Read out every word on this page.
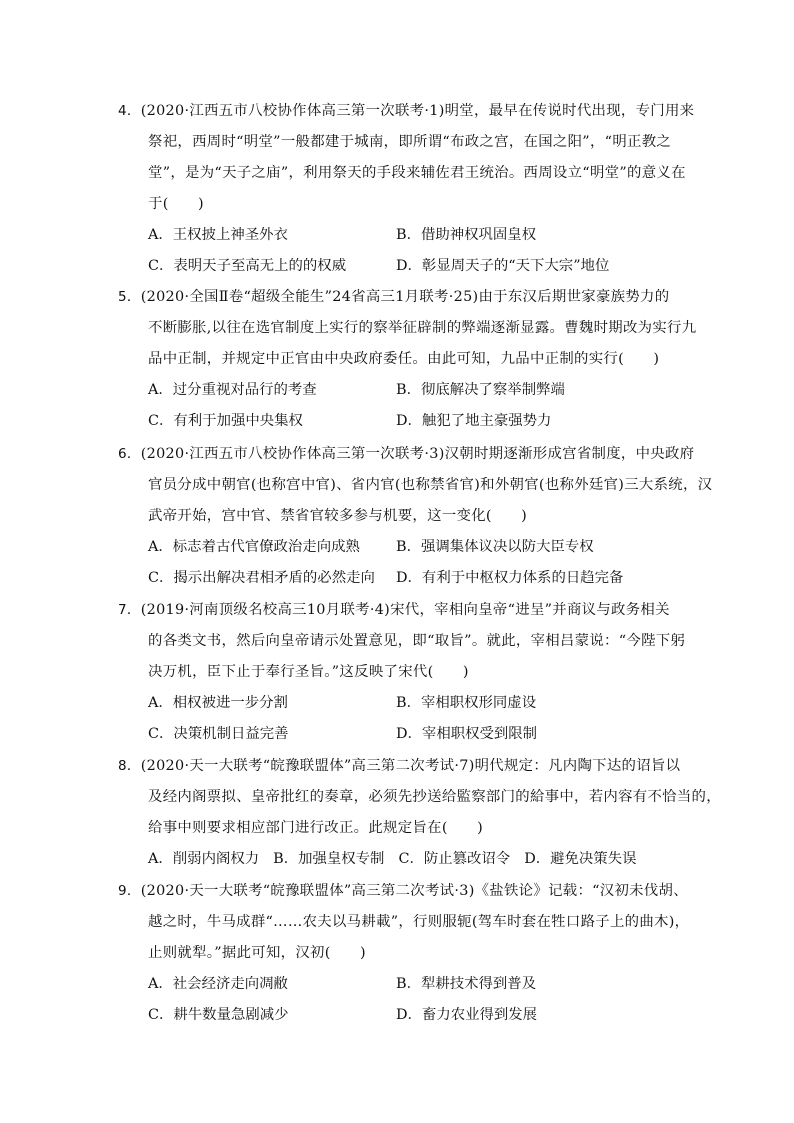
4．(2020·江西五市八校协作体高三第一次联考·1)明堂，最早在传说时代出现，专门用来
祭祀，西周时“明堂”一般都建于城南，即所谓“布政之宫，在国之阳”，“明正教之
堂”，是为“天子之庙”，利用祭天的手段来辅佐君王统治。西周设立“明堂”的意义在
于(　　)
A．王权披上神圣外衣	B．借助神权巩固皇权
C．表明天子至高无上的的权威	D．彰显周天子的“天下大宗”地位
5．(2020·全国Ⅱ卷“超级全能生”24省高三1月联考·25)由于东汉后期世家豪族势力的
不断膨胀,以往在选官制度上实行的察举征辟制的弊端逐渐显露。曹魏时期改为实行九
品中正制，并规定中正官由中央政府委任。由此可知，九品中正制的实行(　　)
A．过分重视对品行的考查	B．彻底解决了察举制弊端
C．有利于加强中央集权	D．触犯了地主豪强势力
6．(2020·江西五市八校协作体高三第一次联考·3)汉朝时期逐渐形成宫省制度，中央政府
官员分成中朝官(也称宫中官)、省内官(也称禁省官)和外朝官(也称外廷官)三大系统，汉
武帝开始，宫中官、禁省官较多参与机要，这一变化(　　)
A．标志着古代官僚政治走向成熟	B．强调集体议决以防大臣专权
C．揭示出解决君相矛盾的必然走向	D．有利于中枢权力体系的日趋完备
7．(2019·河南顶级名校高三10月联考·4)宋代，宰相向皇帝“进呈”并商议与政务相关
的各类文书，然后向皇帝请示处置意见，即“取旨”。就此，宰相吕蒙说：“今陛下躬
决万机，臣下止于奉行圣旨。”这反映了宋代(　　)
A．相权被进一步分割	B．宰相职权形同虚设
C．决策机制日益完善	D．宰相职权受到限制
8．(2020·天一大联考“皖豫联盟体”高三第二次考试·7)明代规定：凡内陶下达的诏旨以
及经内阁票拟、皇帝批红的奏章，必须先抄送给監察部门的給事中，若内容有不恰当的，
给事中则要求相应部门进行改正。此规定旨在(　　)
A．削弱内阁权力 B．加强皇权专制 C．防止篡改诏令 D．避免决策失误
9．(2020·天一大联考“皖豫联盟体”高三第二次考试·3)《盐铁论》记载：“汉初未伐胡、
越之时，牛马成群“……农夫以马耕載”，行则服轭(驾车时套在牲口路子上的曲木)，
止则就犁。”据此可知，汉初(　　)
A．社会经济走向凋敝	B．犁耕技术得到普及
C．耕牛数量急剧减少	D．畜力农业得到发展
